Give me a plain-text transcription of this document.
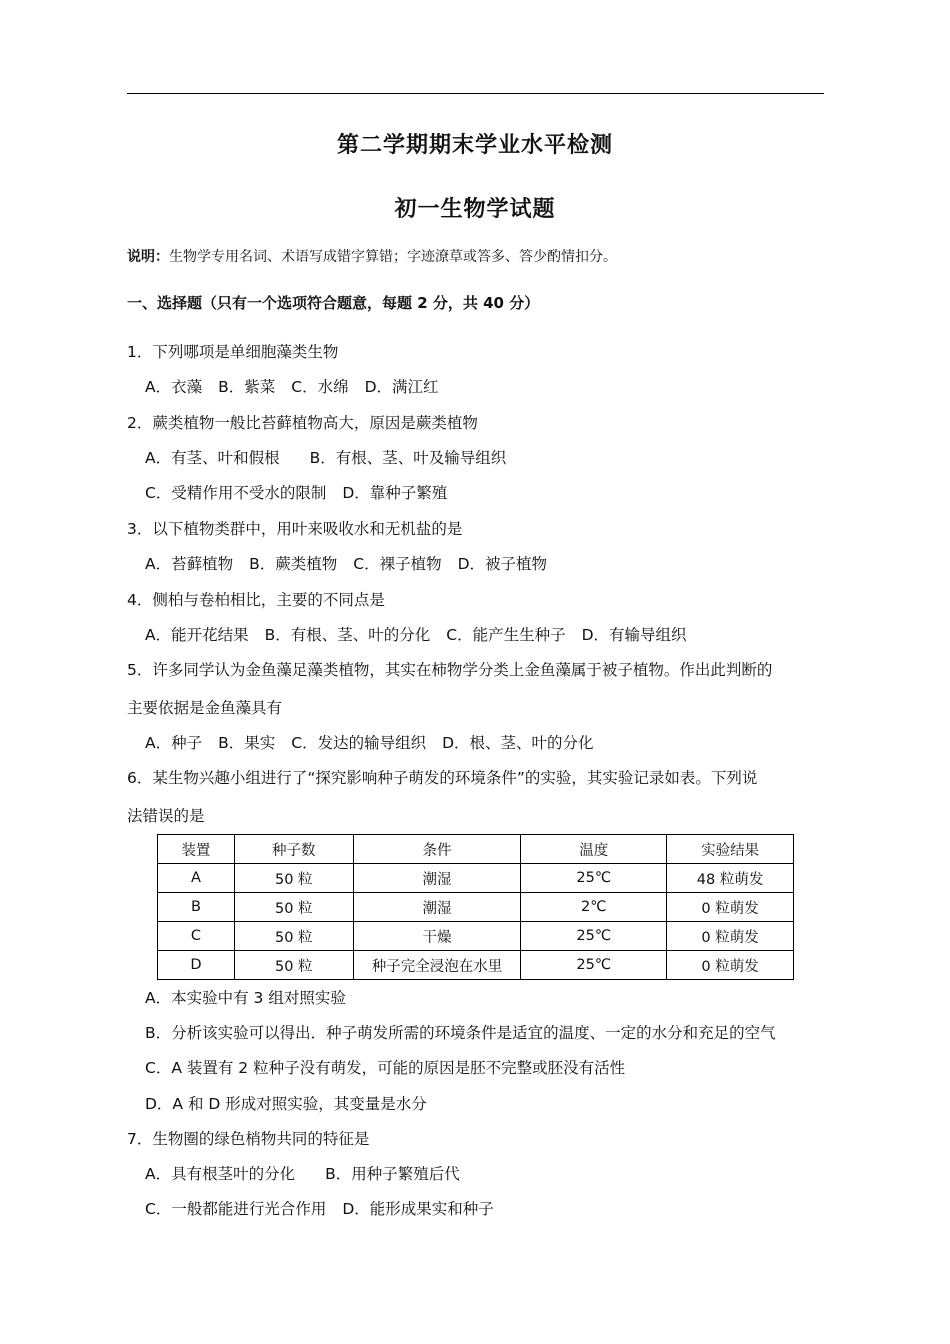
第二学期期末学业水平检测
初一生物学试题
说明：生物学专用名词、术语写成错字算错；字迹潦草或答多、答少酌情扣分。
一、选择题（只有一个选项符合题意，每题 2 分，共 40 分）
1．下列哪项是单细胞藻类生物
A．衣藻 B．紫菜 C．水绵 D．满江红
2．蕨类植物一般比苔藓植物高大，原因是蕨类植物
A．有茎、叶和假根 B．有根、茎、叶及输导组织
C．受精作用不受水的限制 D．靠种子繁殖
3．以下植物类群中，用叶来吸收水和无机盐的是
A．苔藓植物 B．蕨类植物 C．裸子植物 D．被子植物
4．侧柏与卷柏相比，主要的不同点是
A．能开花结果 B．有根、茎、叶的分化 C．能产生生种子 D．有输导组织
5．许多同学认为金鱼藻足藻类植物，其实在柿物学分类上金鱼藻属于被子植物。作出此判断的
主要依据是金鱼藻具有
A．种子 B．果实 C．发达的输导组织 D．根、茎、叶的分化
6．某生物兴趣小组进行了“探究影响种子萌发的环境条件”的实验，其实验记录如表。下列说
法错误的是
装置	种子数	条件	温度	实验结果
A	50 粒	潮湿	25℃	48 粒萌发
B	50 粒	潮湿	2℃	0 粒萌发
C	50 粒	干燥	25℃	0 粒萌发
D	50 粒	种子完全浸泡在水里	25℃	0 粒萌发
A．本实验中有 3 组对照实验
B．分析该实验可以得出．种子萌发所需的环境条件是适宜的温度、一定的水分和充足的空气
C．A 装置有 2 粒种子没有萌发，可能的原因是胚不完整或胚没有活性
D．A 和 D 形成对照实验，其变量是水分
7．生物圈的绿色梢物共同的特征是
A．具有根茎叶的分化 B．用种子繁殖后代
C．一般都能进行光合作用 D．能形成果实和种子
